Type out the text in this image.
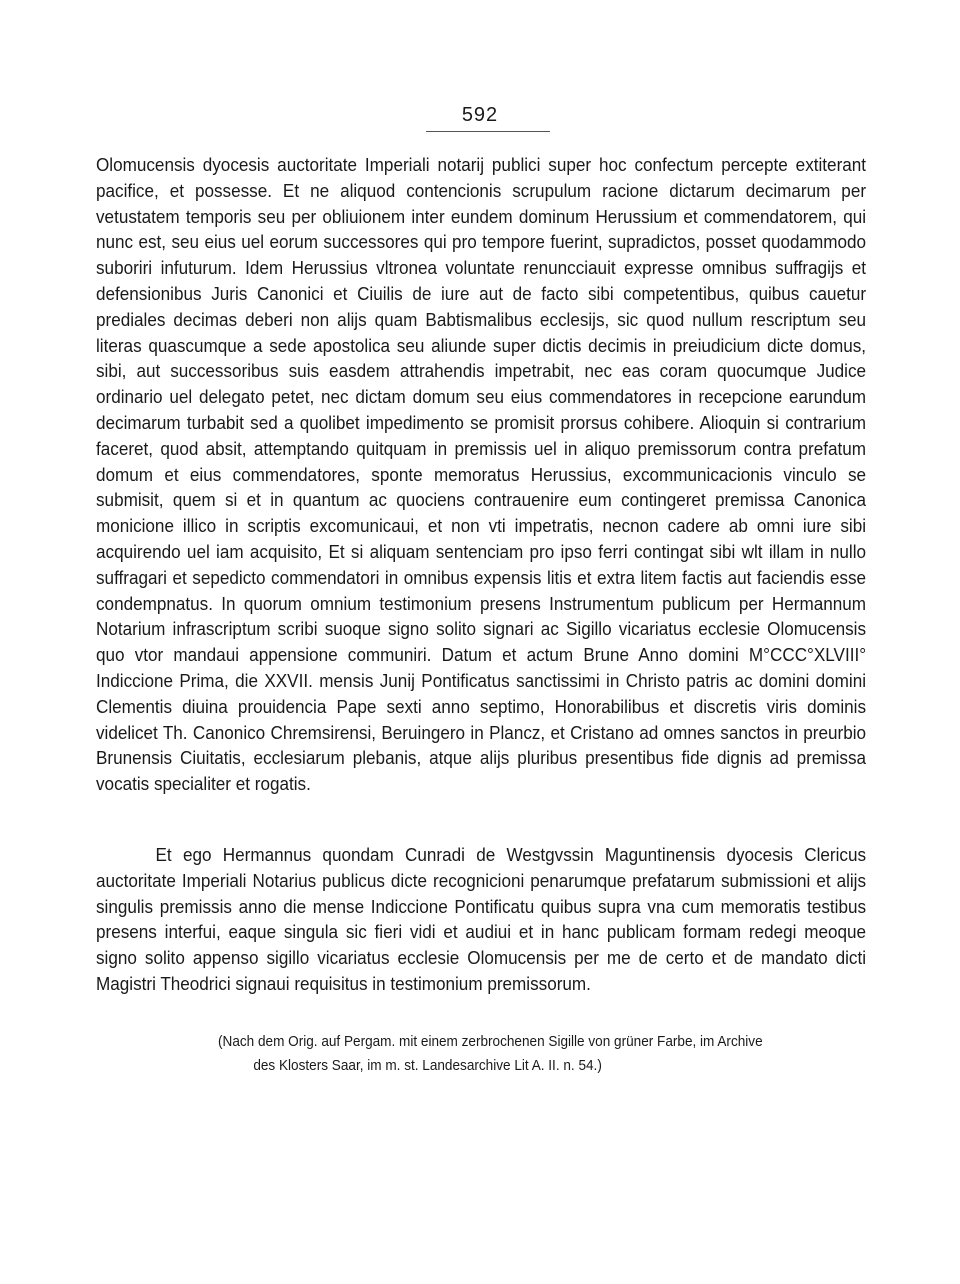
592

Olomucensis dyocesis auctoritate Imperiali notarij publici super hoc confectum percepte extiterant pacifice, et possesse. Et ne aliquod contencionis scrupulum racione dictarum decimarum per vetustatem temporis seu per obliuionem inter eundem dominum Herussium et commendatorem, qui nunc est, seu eius uel eorum successores qui pro tempore fuerint, supradictos, posset quodammodo suboriri infuturum. Idem Herussius vltronea voluntate renuncciauit expresse omnibus suffragijs et defensionibus Juris Canonici et Ciuilis de iure aut de facto sibi competentibus, quibus cauetur prediales decimas deberi non alijs quam Babtismalibus ecclesijs, sic quod nullum rescriptum seu literas quascumque a sede apostolica seu aliunde super dictis decimis in preiudicium dicte domus, sibi, aut successoribus suis easdem attrahendis impetrabit, nec eas coram quocumque Judice ordinario uel delegato petet, nec dictam domum seu eius commendatores in recepcione earundum decimarum turbabit sed a quolibet impedimento se promisit prorsus cohibere. Alioquin si contrarium faceret, quod absit, attemptando quitquam in premissis uel in aliquo premissorum contra prefatum domum et eius commendatores, sponte memoratus Herussius, excommunicacionis vinculo se submisit, quem si et in quantum ac quociens contrauenire eum contingeret premissa Canonica monicione illico in scriptis excomunicaui, et non vti impetratis, necnon cadere ab omni iure sibi acquirendo uel iam acquisito, Et si aliquam sentenciam pro ipso ferri contingat sibi wlt illam in nullo suffragari et sepedicto commendatori in omnibus expensis litis et extra litem factis aut faciendis esse condempnatus. In quorum omnium testimonium presens Instrumentum publicum per Hermannum Notarium infrascriptum scribi suoque signo solito signari ac Sigillo vicariatus ecclesie Olomucensis quo vtor mandaui appensione communiri. Datum et actum Brune Anno domini M°CCC°XLVIII° Indiccione Prima, die XXVII. mensis Junij Pontificatus sanctissimi in Christo patris ac domini domini Clementis diuina prouidencia Pape sexti anno septimo, Honorabilibus et discretis viris dominis videlicet Th. Canonico Chremsirensi, Beruingero in Plancz, et Cristano ad omnes sanctos in preurbio Brunensis Ciuitatis, ecclesiarum plebanis, atque alijs pluribus presentibus fide dignis ad premissa vocatis specialiter et rogatis.

Et ego Hermannus quondam Cunradi de Westgvssin Maguntinensis dyocesis Clericus auctoritate Imperiali Notarius publicus dicte recognicioni penarumque prefatarum submissioni et alijs singulis premissis anno die mense Indiccione Pontificatu quibus supra vna cum memoratis testibus presens interfui, eaque singula sic fieri vidi et audiui et in hanc publicam formam redegi meoque signo solito appenso sigillo vicariatus ecclesie Olomucensis per me de certo et de mandato dicti Magistri Theodrici signaui requisitus in testimonium premissorum.

(Nach dem Orig. auf Pergam. mit einem zerbrochenen Sigille von grüner Farbe, im Archive
des Klosters Saar, im m. st. Landesarchive Lit A. II. n. 54.)
